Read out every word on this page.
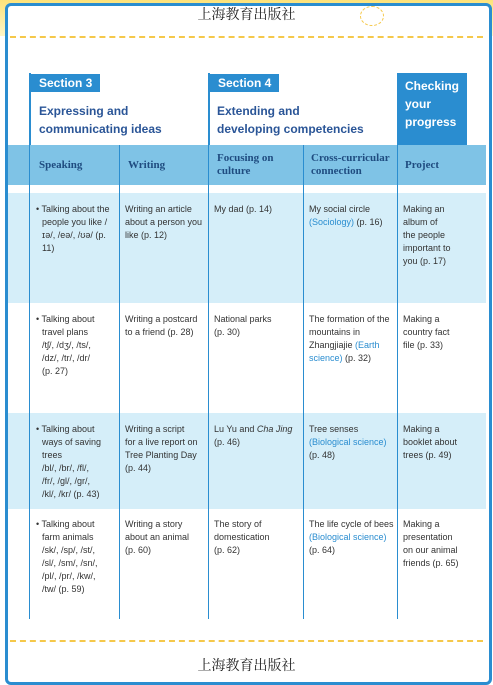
上海教育出版社
Section 3
Expressing and
communicating ideas
Section 4
Extending and
developing competencies
Checking
your
progress
Speaking	Writing
Focusing on
culture
Cross-curricular
connection
Project
• Talking about the people you like /ɪə/, /eə/, /ʊə/ (p. 11)
Writing an article about a person you like (p. 12)
My dad (p. 14)	My social circle (Sociology) (p. 16)
Making an
album of
the people
important to
you (p. 17)
• Talking about
travel plans
/tʃ/, /dʒ/, /ts/,
/dz/, /tr/, /dr/
(p. 27)
Writing a postcard
to a friend (p. 28)
National parks
(p. 30)
The formation of the mountains in Zhangjiajie (Earth science) (p. 32)
Making a
country fact
file (p. 33)
• Talking about
ways of saving
trees
/bl/, /br/, /fl/,
/fr/, /gl/, /gr/,
/kl/, /kr/ (p. 43)
Writing a script
for a live report on
Tree Planting Day
(p. 44)
Lu Yu and Cha Jing
(p. 46)
Tree senses
(Biological science)
(p. 48)
Making a
booklet about
trees (p. 49)
• Talking about
farm animals
/sk/, /sp/, /st/,
/sl/, /sm/, /sn/,
/pl/, /pr/, /kw/,
/tw/ (p. 59)
Writing a story
about an animal
(p. 60)
The story of
domestication
(p. 62)
The life cycle of bees
(Biological science)
(p. 64)
Making a
presentation
on our animal
friends (p. 65)
上海教育出版社
